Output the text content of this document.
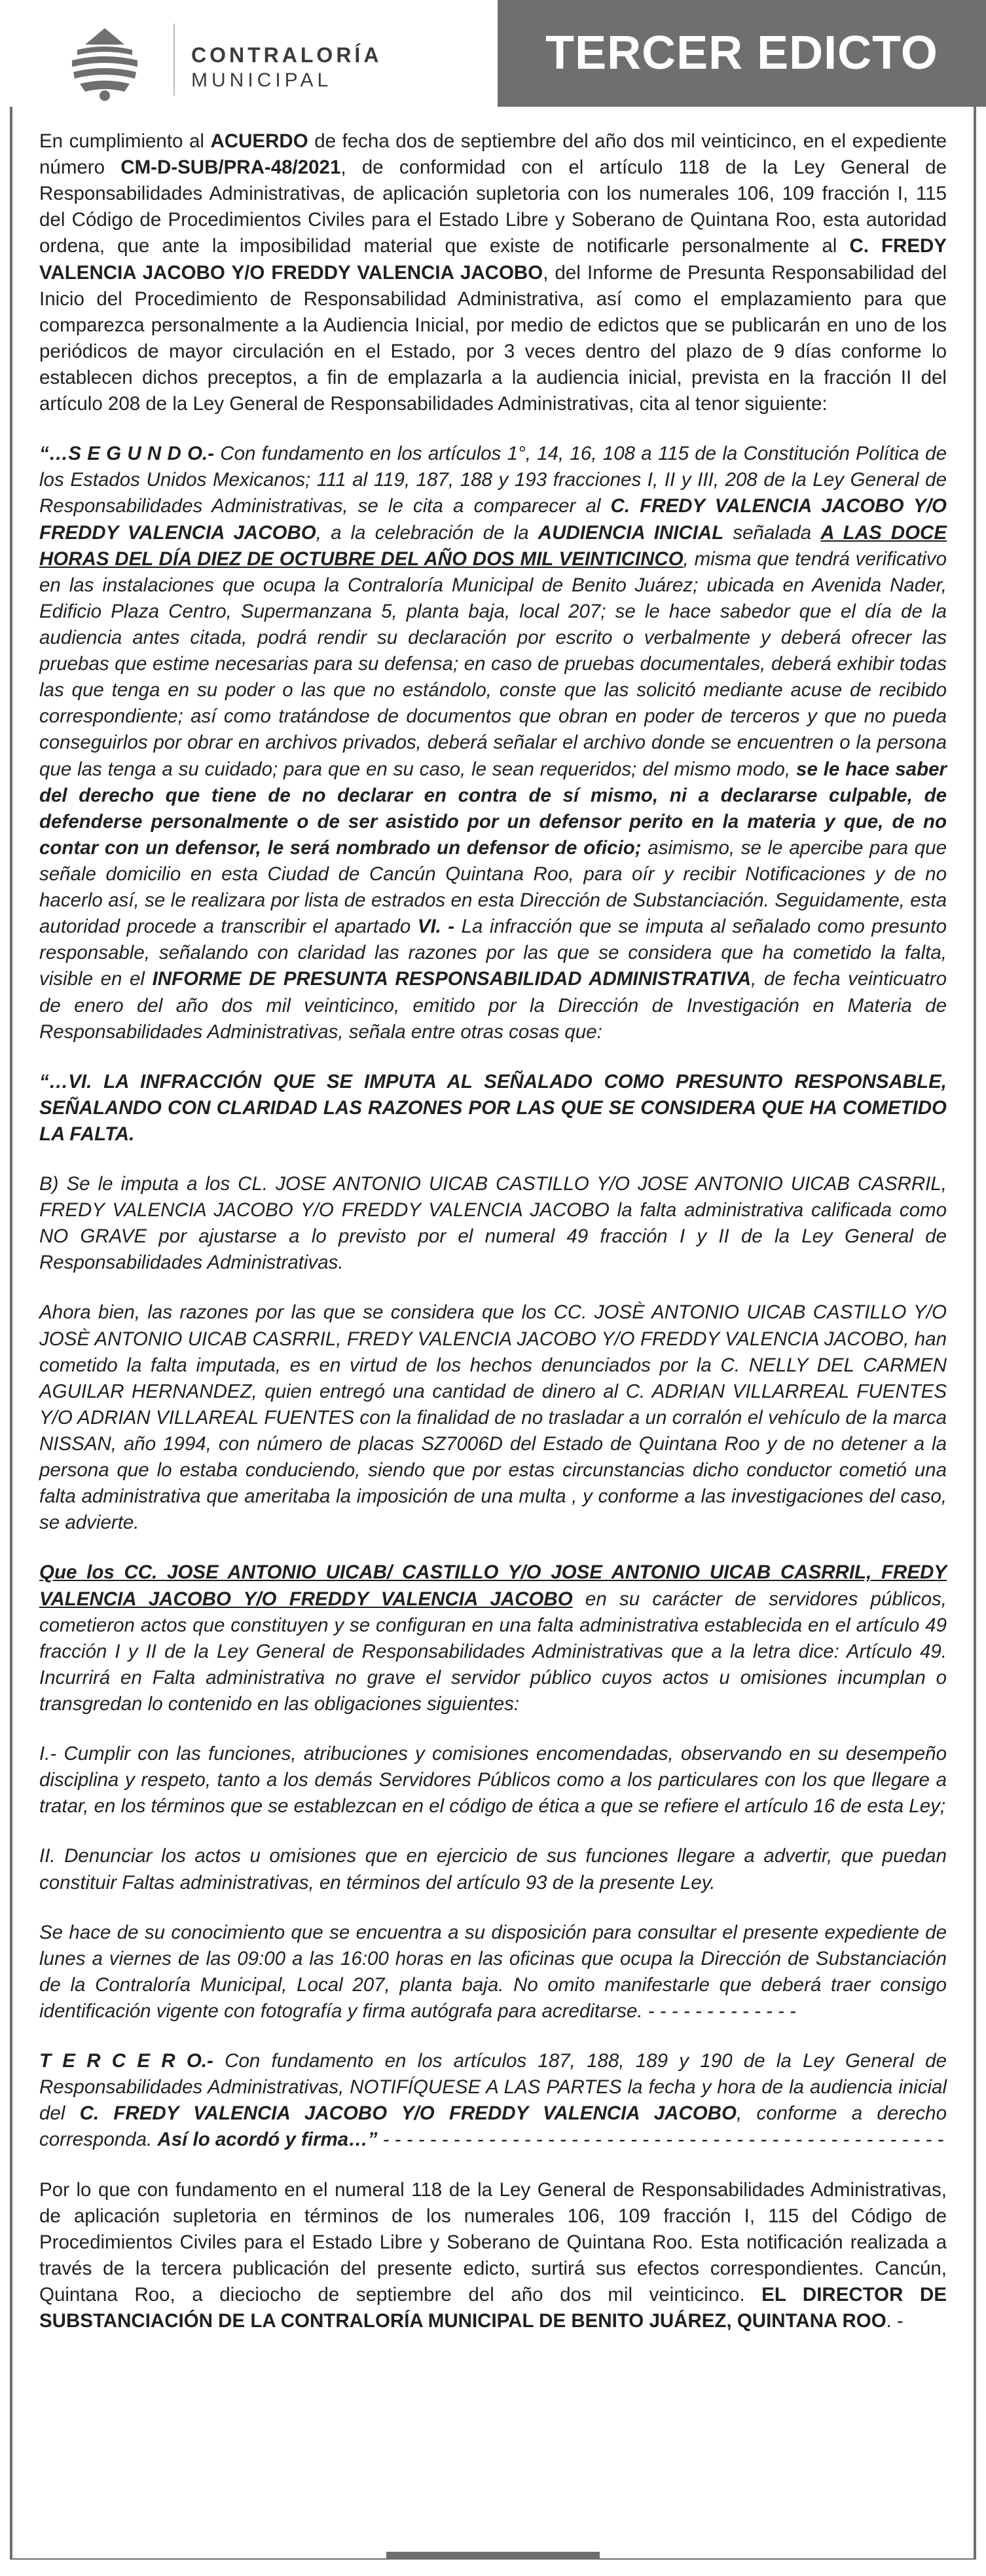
CONTRALORÍA
MUNICIPAL
TERCER EDICTO

En cumplimiento al ACUERDO de fecha dos de septiembre del año dos mil veinticinco, en el expediente número CM-D-SUB/PRA-48/2021, de conformidad con el artículo 118 de la Ley General de Responsabilidades Administrativas, de aplicación supletoria con los numerales 106, 109 fracción I, 115 del Código de Procedimientos Civiles para el Estado Libre y Soberano de Quintana Roo, esta autoridad ordena, que ante la imposibilidad material que existe de notificarle personalmente al C. FREDY VALENCIA JACOBO Y/O FREDDY VALENCIA JACOBO, del Informe de Presunta Responsabilidad del Inicio del Procedimiento de Responsabilidad Administrativa, así como el emplazamiento para que comparezca personalmente a la Audiencia Inicial, por medio de edictos que se publicarán en uno de los periódicos de mayor circulación en el Estado, por 3 veces dentro del plazo de 9 días conforme lo establecen dichos preceptos, a fin de emplazarla a la audiencia inicial, prevista en la fracción II del artículo 208 de la Ley General de Responsabilidades Administrativas, cita al tenor siguiente:

“…S E G U N D O.- Con fundamento en los artículos 1°, 14, 16, 108 a 115 de la Constitución Política de los Estados Unidos Mexicanos; 111 al 119, 187, 188 y 193 fracciones I, II y III, 208 de la Ley General de Responsabilidades Administrativas, se le cita a comparecer al C. FREDY VALENCIA JACOBO Y/O FREDDY VALENCIA JACOBO, a la celebración de la AUDIENCIA INICIAL señalada A LAS DOCE HORAS DEL DÍA DIEZ DE OCTUBRE DEL AÑO DOS MIL VEINTICINCO, misma que tendrá verificativo en las instalaciones que ocupa la Contraloría Municipal de Benito Juárez; ubicada en Avenida Nader, Edificio Plaza Centro, Supermanzana 5, planta baja, local 207; se le hace sabedor que el día de la audiencia antes citada, podrá rendir su declaración por escrito o verbalmente y deberá ofrecer las pruebas que estime necesarias para su defensa; en caso de pruebas documentales, deberá exhibir todas las que tenga en su poder o las que no estándolo, conste que las solicitó mediante acuse de recibido correspondiente; así como tratándose de documentos que obran en poder de terceros y que no pueda conseguirlos por obrar en archivos privados, deberá señalar el archivo donde se encuentren o la persona que las tenga a su cuidado; para que en su caso, le sean requeridos; del mismo modo, se le hace saber del derecho que tiene de no declarar en contra de sí mismo, ni a declararse culpable, de defenderse personalmente o de ser asistido por un defensor perito en la materia y que, de no contar con un defensor, le será nombrado un defensor de oficio; asimismo, se le apercibe para que señale domicilio en esta Ciudad de Cancún Quintana Roo, para oír y recibir Notificaciones y de no hacerlo así, se le realizara por lista de estrados en esta Dirección de Substanciación. Seguidamente, esta autoridad procede a transcribir el apartado VI. - La infracción que se imputa al señalado como presunto responsable, señalando con claridad las razones por las que se considera que ha cometido la falta, visible en el INFORME DE PRESUNTA RESPONSABILIDAD ADMINISTRATIVA, de fecha veinticuatro de enero del año dos mil veinticinco, emitido por la Dirección de Investigación en Materia de Responsabilidades Administrativas, señala entre otras cosas que:

“…VI. LA INFRACCIÓN QUE SE IMPUTA AL SEÑALADO COMO PRESUNTO RESPONSABLE, SEÑALANDO CON CLARIDAD LAS RAZONES POR LAS QUE SE CONSIDERA QUE HA COMETIDO LA FALTA.

B) Se le imputa a los CL. JOSE ANTONIO UICAB CASTILLO Y/O JOSE ANTONIO UICAB CASRRIL, FREDY VALENCIA JACOBO Y/O FREDDY VALENCIA JACOBO la falta administrativa calificada como NO GRAVE por ajustarse a lo previsto por el numeral 49 fracción I y II de la Ley General de Responsabilidades Administrativas.

Ahora bien, las razones por las que se considera que los CC. JOSÈ ANTONIO UICAB CASTILLO Y/O JOSÈ ANTONIO UICAB CASRRIL, FREDY VALENCIA JACOBO Y/O FREDDY VALENCIA JACOBO, han cometido la falta imputada, es en virtud de los hechos denunciados por la C. NELLY DEL CARMEN AGUILAR HERNANDEZ, quien entregó una cantidad de dinero al C. ADRIAN VILLARREAL FUENTES Y/O ADRIAN VILLAREAL FUENTES con la finalidad de no trasladar a un corralón el vehículo de la marca NISSAN, año 1994, con número de placas SZ7006D del Estado de Quintana Roo y de no detener a la persona que lo estaba conduciendo, siendo que por estas circunstancias dicho conductor cometió una falta administrativa que ameritaba la imposición de una multa , y conforme a las investigaciones del caso, se advierte.

Que los CC. JOSE ANTONIO UICAB/ CASTILLO Y/O JOSE ANTONIO UICAB CASRRIL, FREDY VALENCIA JACOBO Y/O FREDDY VALENCIA JACOBO en su carácter de servidores públicos, cometieron actos que constituyen y se configuran en una falta administrativa establecida en el artículo 49 fracción I y II de la Ley General de Responsabilidades Administrativas que a la letra dice: Artículo 49. Incurrirá en Falta administrativa no grave el servidor público cuyos actos u omisiones incumplan o transgredan lo contenido en las obligaciones siguientes:

I.- Cumplir con las funciones, atribuciones y comisiones encomendadas, observando en su desempeño disciplina y respeto, tanto a los demás Servidores Públicos como a los particulares con los que llegare a tratar, en los términos que se establezcan en el código de ética a que se refiere el artículo 16 de esta Ley;

II. Denunciar los actos u omisiones que en ejercicio de sus funciones llegare a advertir, que puedan constituir Faltas administrativas, en términos del artículo 93 de la presente Ley.

Se hace de su conocimiento que se encuentra a su disposición para consultar el presente expediente de lunes a viernes de las 09:00 a las 16:00 horas en las oficinas que ocupa la Dirección de Substanciación de la Contraloría Municipal, Local 207, planta baja. No omito manifestarle que deberá traer consigo identificación vigente con fotografía y firma autógrafa para acreditarse. - - - - - - - - - - - - -

T E R C E R O.- Con fundamento en los artículos 187, 188, 189 y 190 de la Ley General de Responsabilidades Administrativas, NOTIFÍQUESE A LAS PARTES la fecha y hora de la audiencia inicial del C. FREDY VALENCIA JACOBO Y/O FREDDY VALENCIA JACOBO, conforme a derecho corresponda. Así lo acordó y firma…” - - - - - - - - - - - - - - - - - - - - - - - - - - - - - - - - - - - - - - - - - - - - - - - -

Por lo que con fundamento en el numeral 118 de la Ley General de Responsabilidades Administrativas, de aplicación supletoria en términos de los numerales 106, 109 fracción I, 115 del Código de Procedimientos Civiles para el Estado Libre y Soberano de Quintana Roo. Esta notificación realizada a través de la tercera publicación del presente edicto, surtirá sus efectos correspondientes. Cancún, Quintana Roo, a dieciocho de septiembre del año dos mil veinticinco. EL DIRECTOR DE SUBSTANCIACIÓN DE LA CONTRALORÍA MUNICIPAL DE BENITO JUÁREZ, QUINTANA ROO. -
